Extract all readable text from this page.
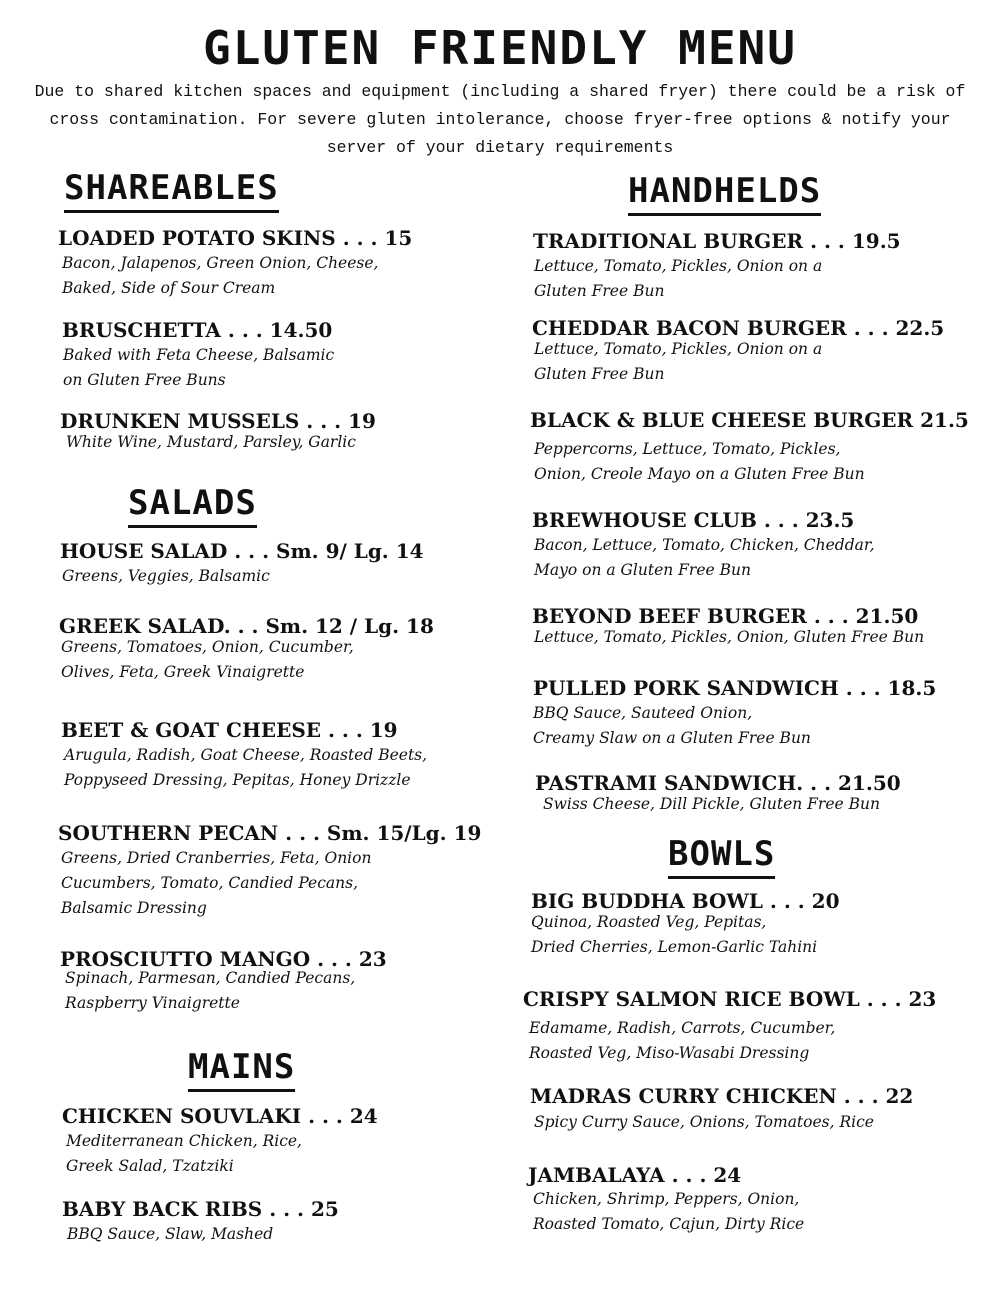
GLUTEN FRIENDLY MENU

Due to shared kitchen spaces and equipment (including a shared fryer) there could be a risk of cross contamination. For severe gluten intolerance, choose fryer-free options & notify your server of your dietary requirements

SHAREABLES

LOADED POTATO SKINS . . . 15

Bacon, Jalapenos, Green Onion, Cheese,
Baked, Side of Sour Cream

BRUSCHETTA . . . 14.50

Baked with Feta Cheese, Balsamic
on Gluten Free Buns

DRUNKEN MUSSELS . . . 19

White Wine, Mustard, Parsley, Garlic

SALADS

HOUSE SALAD . . . Sm. 9/ Lg. 14

Greens, Veggies, Balsamic

GREEK SALAD. . . Sm. 12 / Lg. 18

Greens, Tomatoes, Onion, Cucumber,
Olives, Feta, Greek Vinaigrette

BEET & GOAT CHEESE . . . 19

Arugula, Radish, Goat Cheese, Roasted Beets,
Poppyseed Dressing, Pepitas, Honey Drizzle

SOUTHERN PECAN . . . Sm. 15/Lg. 19

Greens, Dried Cranberries, Feta, Onion
Cucumbers, Tomato, Candied Pecans,
Balsamic Dressing

PROSCIUTTO MANGO . . . 23

Spinach, Parmesan, Candied Pecans,
Raspberry Vinaigrette

MAINS

CHICKEN SOUVLAKI . . . 24

Mediterranean Chicken, Rice,
Greek Salad, Tzatziki

BABY BACK RIBS . . . 25

BBQ Sauce, Slaw, Mashed

HANDHELDS

TRADITIONAL BURGER . . . 19.5

Lettuce, Tomato, Pickles, Onion on a
Gluten Free Bun

CHEDDAR BACON BURGER . . . 22.5

Lettuce, Tomato, Pickles, Onion on a
Gluten Free Bun

BLACK & BLUE CHEESE BURGER 21.5

Peppercorns, Lettuce, Tomato, Pickles,
Onion, Creole Mayo on a Gluten Free Bun

BREWHOUSE CLUB . . . 23.5

Bacon, Lettuce, Tomato, Chicken, Cheddar,
Mayo on a Gluten Free Bun

BEYOND BEEF BURGER . . . 21.50

Lettuce, Tomato, Pickles, Onion, Gluten Free Bun

PULLED PORK SANDWICH . . . 18.5

BBQ Sauce, Sauteed Onion,
Creamy Slaw on a Gluten Free Bun

PASTRAMI SANDWICH. . . 21.50

Swiss Cheese, Dill Pickle, Gluten Free Bun

BOWLS

BIG BUDDHA BOWL . . . 20

Quinoa, Roasted Veg, Pepitas,
Dried Cherries, Lemon-Garlic Tahini

CRISPY SALMON RICE BOWL . . . 23

Edamame, Radish, Carrots, Cucumber,
Roasted Veg, Miso-Wasabi Dressing

MADRAS CURRY CHICKEN . . . 22

Spicy Curry Sauce, Onions, Tomatoes, Rice

JAMBALAYA . . . 24

Chicken, Shrimp, Peppers, Onion,
Roasted Tomato, Cajun, Dirty Rice
